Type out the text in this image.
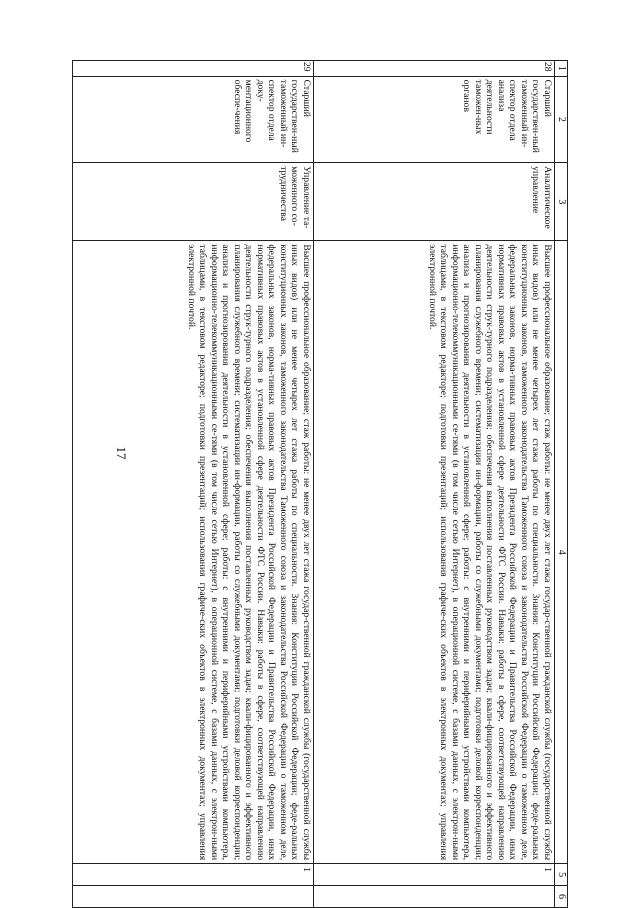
17
1	2	3	4	5	6
28	Старший государствен-ный таможенный ин-спектор отдела анализа деятельности таможен-ных органов	Аналитическое управление	Высшее профессиональное образование; стаж работы: не менее двух лет стажа государ-ственной гражданской службы (государственной службы иных видов) или не менее четырех лет стажа работы по специальности. Знания: Конституции Российской Федерации; феде-ральных конституционных законов, таможенного законодательства Таможенного союза и законодательства Российской Федерации о таможенном деле, федеральных законов, норма-тивных правовых актов Президента Российской Федерации и Правительства Российской Федерации, иных нормативных правовых актов в установленной сфере деятельности ФТС России. Навыки: работы в сфере, соответствующей направлению деятельности струк-турного подразделения; обеспечения выполнения поставленных руководством задач; квали-фицированного и эффективного планирования служебного времени; систематизации ин-формации, работы со служебными документами; подготовки деловой корреспонденции; анализа и прогнозирования деятельности в установленной сфере; работы: с внутренними и периферийными устройствами компьютера, информационно-телекоммуникационными се-тями (в том числе сетью Интернет), в операционной системе, с базами данных, с электрон-ными таблицами, в текстовом редакторе; подготовки презентаций; использования графиче-ских объектов в электронных документах; управления электронной почтой.	1	
29	Старший государствен-ный таможенный ин-спектор отдела доку-ментационного обеспе-чения	Управление та-моженного со-трудничества	Высшее профессиональное образование; стаж работы: не менее двух лет стажа государ-ственной гражданской службы (государственной службы иных видов) или не менее четырех лет стажа работы по специальности. Знания: Конституции Российской Федерации; феде-ральных конституционных законов, таможенного законодательства Таможенного союза и законодательства Российской Федерации о таможенном деле, федеральных законов, норма-тивных правовых актов Президента Российской Федерации и Правительства Российской Федерации, иных нормативных правовых актов в установленной сфере деятельности ФТС России. Навыки: работы в сфере, соответствующей направлению деятельности струк-турного подразделения; обеспечения выполнения поставленных руководством задач; квали-фицированного и эффективного планирования служебного времени; систематизации ин-формации, работы со служебными документами; подготовки деловой корреспонденции; анализа и прогнозирования деятельности в установленной сфере; работы: с внутренними и периферийными устройствами компьютера, информационно-телекоммуникационными се-тями (в том числе сетью Интернет), в операционной системе, с базами данных, с электрон-ными таблицами, в текстовом редакторе; подготовки презентаций; использования графиче-ских объектов в электронных документах; управления электронной почтой.	1	
